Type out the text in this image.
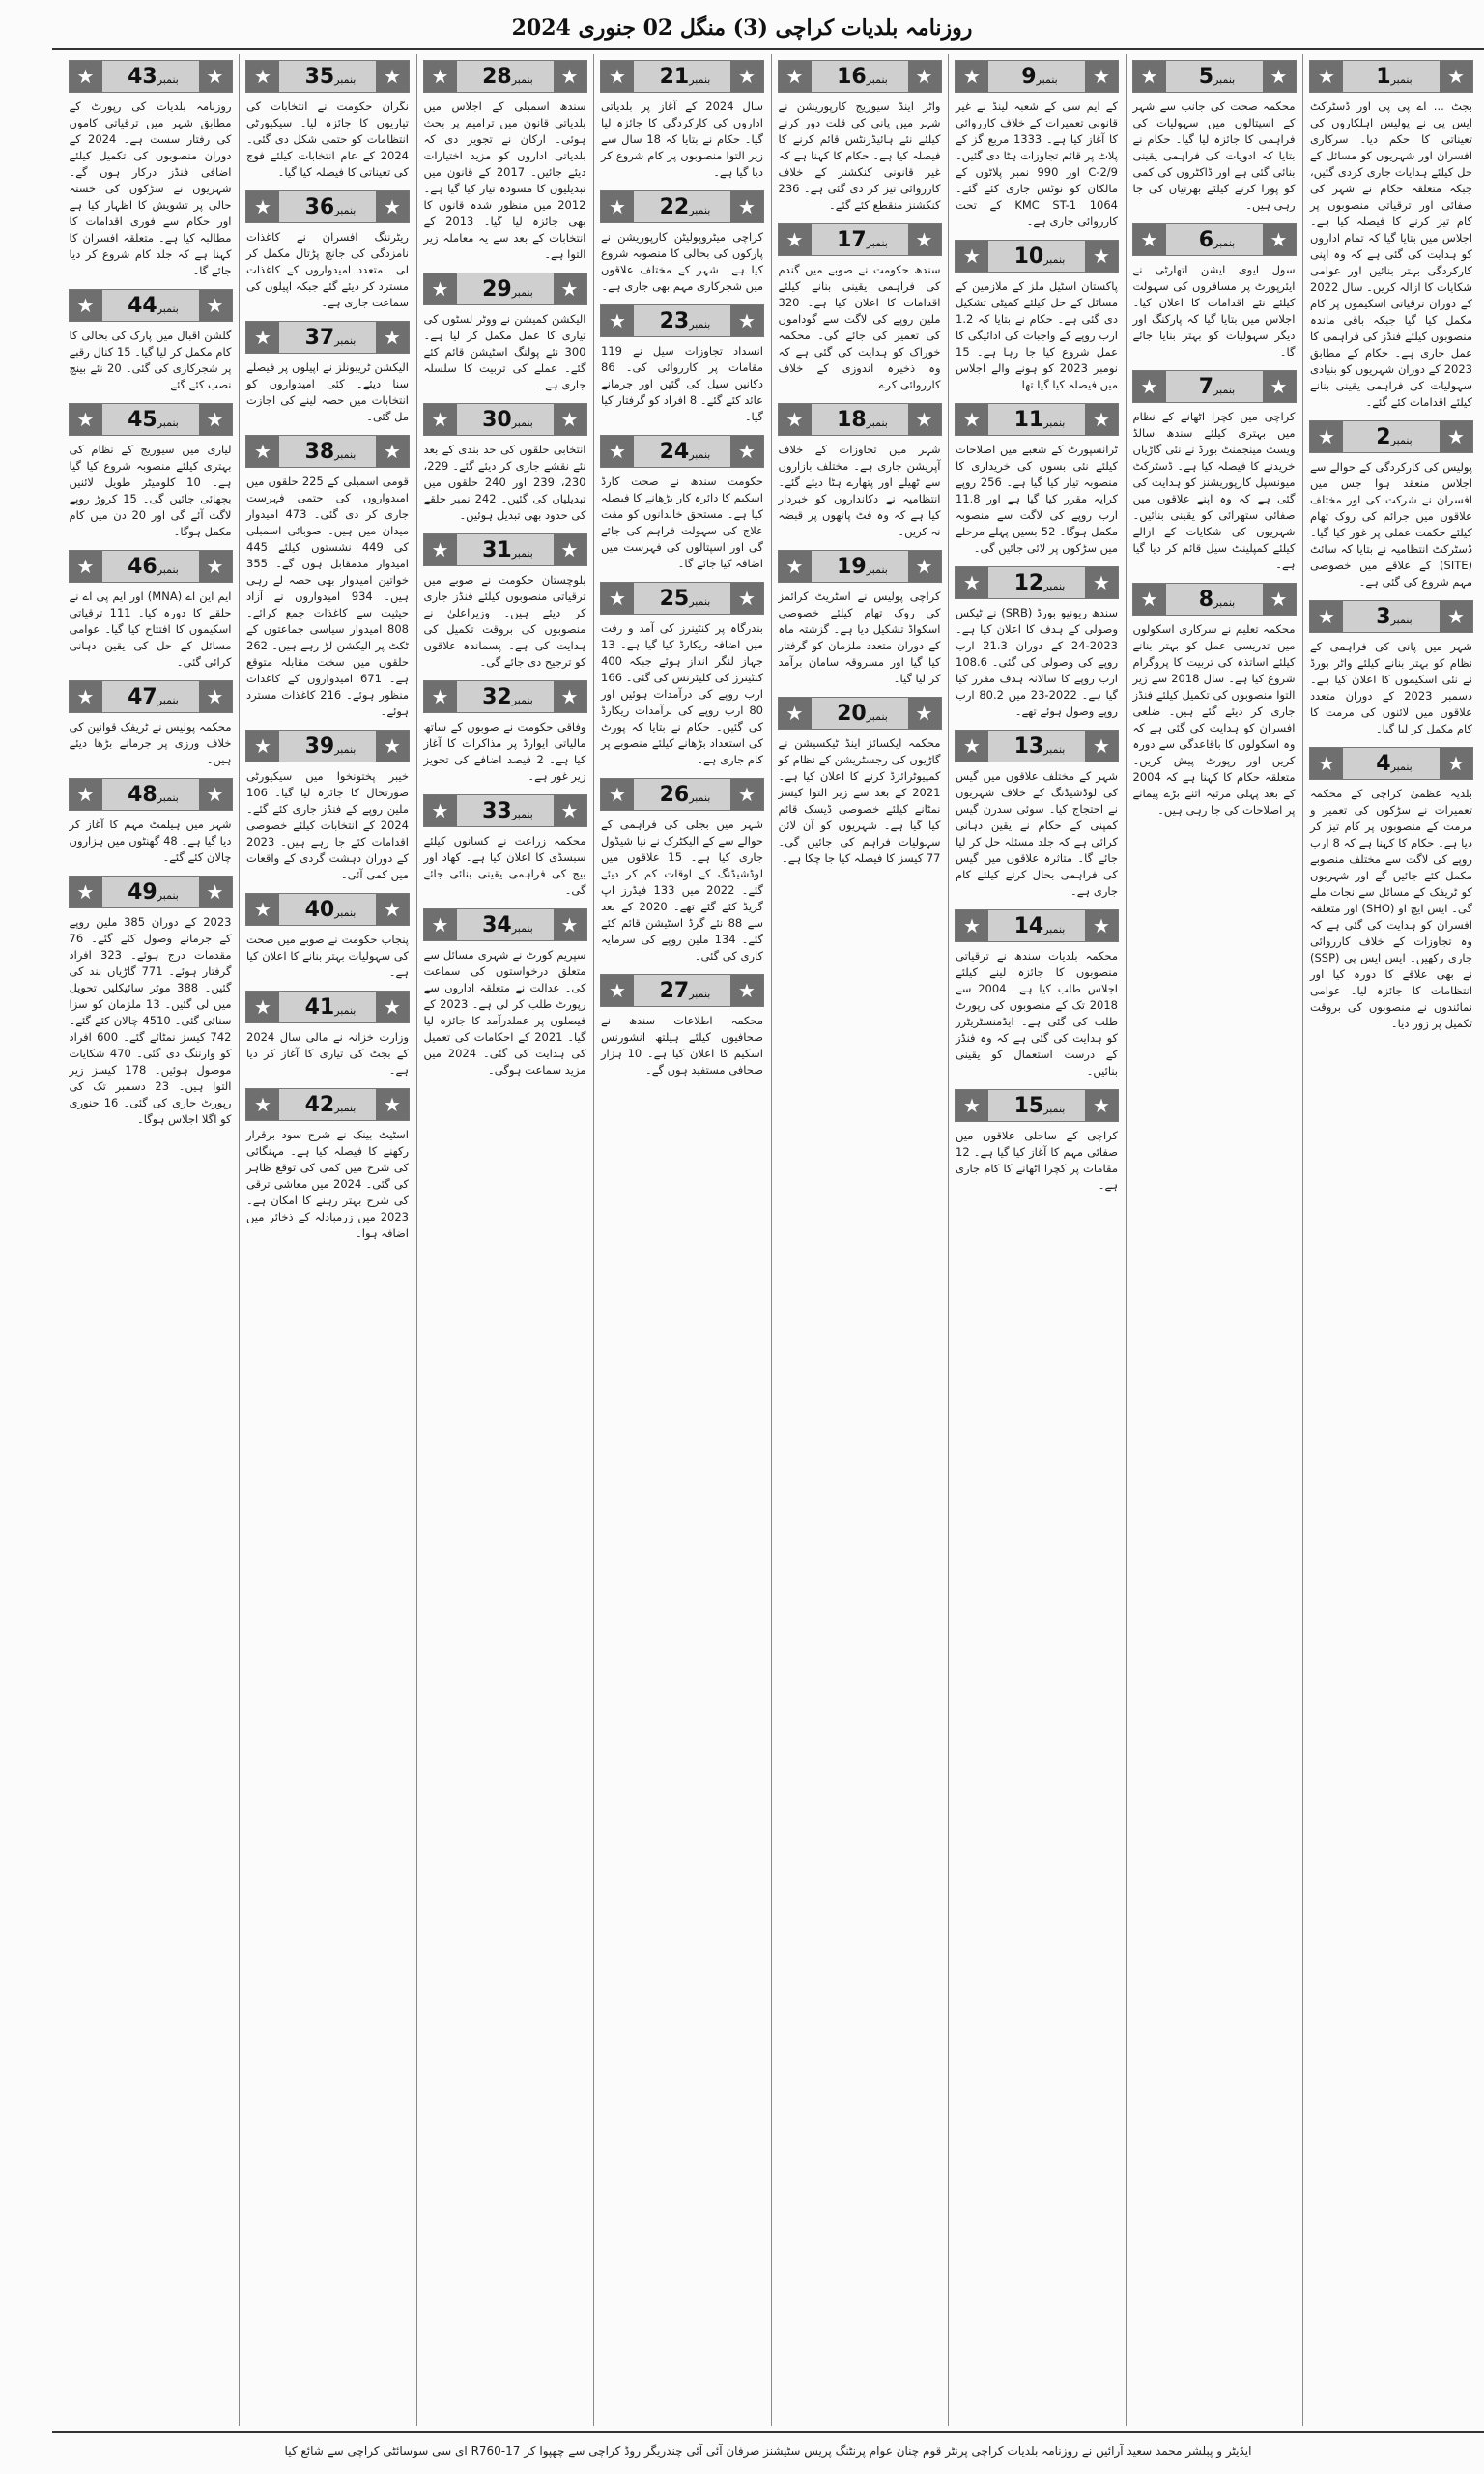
روزنامہ بلدیات کراچی (3) منگل 02 جنوری 2024
★	بنمبر1	★
بجٹ ... اے پی پی اور ڈسٹرکٹ ایس پی نے پولیس اہلکاروں کی تعیناتی کا حکم دیا۔ سرکاری افسران اور شہریوں کو مسائل کے حل کیلئے ہدایات جاری کردی گئیں، جبکہ متعلقہ حکام نے شہر کی صفائی اور ترقیاتی منصوبوں پر کام تیز کرنے کا فیصلہ کیا ہے۔ اجلاس میں بتایا گیا کہ تمام اداروں کو ہدایت کی گئی ہے کہ وہ اپنی کارکردگی بہتر بنائیں اور عوامی شکایات کا ازالہ کریں۔ سال 2022 کے دوران ترقیاتی اسکیموں پر کام مکمل کیا گیا جبکہ باقی ماندہ منصوبوں کیلئے فنڈز کی فراہمی کا عمل جاری ہے۔ حکام کے مطابق 2023 کے دوران شہریوں کو بنیادی سہولیات کی فراہمی یقینی بنانے کیلئے اقدامات کئے گئے۔
★	بنمبر2	★
پولیس کی کارکردگی کے حوالے سے اجلاس منعقد ہوا جس میں افسران نے شرکت کی اور مختلف علاقوں میں جرائم کی روک تھام کیلئے حکمت عملی پر غور کیا گیا۔ ڈسٹرکٹ انتظامیہ نے بتایا کہ سائٹ (SITE) کے علاقے میں خصوصی مہم شروع کی گئی ہے۔
★	بنمبر3	★
شہر میں پانی کی فراہمی کے نظام کو بہتر بنانے کیلئے واٹر بورڈ نے نئی اسکیموں کا اعلان کیا ہے۔ دسمبر 2023 کے دوران متعدد علاقوں میں لائنوں کی مرمت کا کام مکمل کر لیا گیا۔
★	بنمبر4	★
بلدیہ عظمیٰ کراچی کے محکمہ تعمیرات نے سڑکوں کی تعمیر و مرمت کے منصوبوں پر کام تیز کر دیا ہے۔ حکام کا کہنا ہے کہ 8 ارب روپے کی لاگت سے مختلف منصوبے مکمل کئے جائیں گے اور شہریوں کو ٹریفک کے مسائل سے نجات ملے گی۔ ایس ایچ او (SHO) اور متعلقہ افسران کو ہدایت کی گئی ہے کہ وہ تجاوزات کے خلاف کارروائی جاری رکھیں۔ ایس ایس پی (SSP) نے بھی علاقے کا دورہ کیا اور انتظامات کا جائزہ لیا۔ عوامی نمائندوں نے منصوبوں کی بروقت تکمیل پر زور دیا۔
★	بنمبر5	★
محکمہ صحت کی جانب سے شہر کے اسپتالوں میں سہولیات کی فراہمی کا جائزہ لیا گیا۔ حکام نے بتایا کہ ادویات کی فراہمی یقینی بنائی گئی ہے اور ڈاکٹروں کی کمی کو پورا کرنے کیلئے بھرتیاں کی جا رہی ہیں۔
★	بنمبر6	★
سول ایوی ایشن اتھارٹی نے ایئرپورٹ پر مسافروں کی سہولت کیلئے نئے اقدامات کا اعلان کیا۔ اجلاس میں بتایا گیا کہ پارکنگ اور دیگر سہولیات کو بہتر بنایا جائے گا۔
★	بنمبر7	★
کراچی میں کچرا اٹھانے کے نظام میں بہتری کیلئے سندھ سالڈ ویسٹ مینجمنٹ بورڈ نے نئی گاڑیاں خریدنے کا فیصلہ کیا ہے۔ ڈسٹرکٹ میونسپل کارپوریشنز کو ہدایت کی گئی ہے کہ وہ اپنے علاقوں میں صفائی ستھرائی کو یقینی بنائیں۔ شہریوں کی شکایات کے ازالے کیلئے کمپلینٹ سیل قائم کر دیا گیا ہے۔
★	بنمبر8	★
محکمہ تعلیم نے سرکاری اسکولوں میں تدریسی عمل کو بہتر بنانے کیلئے اساتذہ کی تربیت کا پروگرام شروع کیا ہے۔ سال 2018 سے زیر التوا منصوبوں کی تکمیل کیلئے فنڈز جاری کر دیئے گئے ہیں۔ ضلعی افسران کو ہدایت کی گئی ہے کہ وہ اسکولوں کا باقاعدگی سے دورہ کریں اور رپورٹ پیش کریں۔ متعلقہ حکام کا کہنا ہے کہ 2004 کے بعد پہلی مرتبہ اتنے بڑے پیمانے پر اصلاحات کی جا رہی ہیں۔
★	بنمبر9	★
کے ایم سی کے شعبہ لینڈ نے غیر قانونی تعمیرات کے خلاف کارروائی کا آغاز کیا ہے۔ 1333 مربع گز کے پلاٹ پر قائم تجاوزات ہٹا دی گئیں۔ C-2/9 اور 990 نمبر پلاٹوں کے مالکان کو نوٹس جاری کئے گئے۔ 1064 KMC ST-1 کے تحت کارروائی جاری ہے۔
★	بنمبر10	★
پاکستان اسٹیل ملز کے ملازمین کے مسائل کے حل کیلئے کمیٹی تشکیل دی گئی ہے۔ حکام نے بتایا کہ 1.2 ارب روپے کے واجبات کی ادائیگی کا عمل شروع کیا جا رہا ہے۔ 15 نومبر 2023 کو ہونے والے اجلاس میں فیصلہ کیا گیا تھا۔
★	بنمبر11	★
ٹرانسپورٹ کے شعبے میں اصلاحات کیلئے نئی بسوں کی خریداری کا منصوبہ تیار کیا گیا ہے۔ 256 روپے کرایہ مقرر کیا گیا ہے اور 11.8 ارب روپے کی لاگت سے منصوبہ مکمل ہوگا۔ 52 بسیں پہلے مرحلے میں سڑکوں پر لائی جائیں گی۔
★	بنمبر12	★
سندھ ریونیو بورڈ (SRB) نے ٹیکس وصولی کے ہدف کا اعلان کیا ہے۔ 2023-24 کے دوران 21.3 ارب روپے کی وصولی کی گئی۔ 108.6 ارب روپے کا سالانہ ہدف مقرر کیا گیا ہے۔ 2022-23 میں 80.2 ارب روپے وصول ہوئے تھے۔
★	بنمبر13	★
شہر کے مختلف علاقوں میں گیس کی لوڈشیڈنگ کے خلاف شہریوں نے احتجاج کیا۔ سوئی سدرن گیس کمپنی کے حکام نے یقین دہانی کرائی ہے کہ جلد مسئلہ حل کر لیا جائے گا۔ متاثرہ علاقوں میں گیس کی فراہمی بحال کرنے کیلئے کام جاری ہے۔
★	بنمبر14	★
محکمہ بلدیات سندھ نے ترقیاتی منصوبوں کا جائزہ لینے کیلئے اجلاس طلب کیا ہے۔ 2004 سے 2018 تک کے منصوبوں کی رپورٹ طلب کی گئی ہے۔ ایڈمنسٹریٹرز کو ہدایت کی گئی ہے کہ وہ فنڈز کے درست استعمال کو یقینی بنائیں۔
★	بنمبر15	★
کراچی کے ساحلی علاقوں میں صفائی مہم کا آغاز کیا گیا ہے۔ 12 مقامات پر کچرا اٹھانے کا کام جاری ہے۔
★	بنمبر16	★
واٹر اینڈ سیوریج کارپوریشن نے شہر میں پانی کی قلت دور کرنے کیلئے نئے ہائیڈرنٹس قائم کرنے کا فیصلہ کیا ہے۔ حکام کا کہنا ہے کہ غیر قانونی کنکشنز کے خلاف کارروائی تیز کر دی گئی ہے۔ 236 کنکشنز منقطع کئے گئے۔
★	بنمبر17	★
سندھ حکومت نے صوبے میں گندم کی فراہمی یقینی بنانے کیلئے اقدامات کا اعلان کیا ہے۔ 320 ملین روپے کی لاگت سے گوداموں کی تعمیر کی جائے گی۔ محکمہ خوراک کو ہدایت کی گئی ہے کہ وہ ذخیرہ اندوزی کے خلاف کارروائی کرے۔
★	بنمبر18	★
شہر میں تجاوزات کے خلاف آپریشن جاری ہے۔ مختلف بازاروں سے ٹھیلے اور پتھارے ہٹا دیئے گئے۔ انتظامیہ نے دکانداروں کو خبردار کیا ہے کہ وہ فٹ پاتھوں پر قبضہ نہ کریں۔
★	بنمبر19	★
کراچی پولیس نے اسٹریٹ کرائمز کی روک تھام کیلئے خصوصی اسکواڈ تشکیل دیا ہے۔ گزشتہ ماہ کے دوران متعدد ملزمان کو گرفتار کیا گیا اور مسروقہ سامان برآمد کر لیا گیا۔
★	بنمبر20	★
محکمہ ایکسائز اینڈ ٹیکسیشن نے گاڑیوں کی رجسٹریشن کے نظام کو کمپیوٹرائزڈ کرنے کا اعلان کیا ہے۔ 2021 کے بعد سے زیر التوا کیسز نمٹانے کیلئے خصوصی ڈیسک قائم کیا گیا ہے۔ شہریوں کو آن لائن سہولیات فراہم کی جائیں گی۔ 77 کیسز کا فیصلہ کیا جا چکا ہے۔
★	بنمبر21	★
سال 2024 کے آغاز پر بلدیاتی اداروں کی کارکردگی کا جائزہ لیا گیا۔ حکام نے بتایا کہ 18 سال سے زیر التوا منصوبوں پر کام شروع کر دیا گیا ہے۔
★	بنمبر22	★
کراچی میٹروپولیٹن کارپوریشن نے پارکوں کی بحالی کا منصوبہ شروع کیا ہے۔ شہر کے مختلف علاقوں میں شجرکاری مہم بھی جاری ہے۔
★	بنمبر23	★
انسداد تجاوزات سیل نے 119 مقامات پر کارروائی کی۔ 86 دکانیں سیل کی گئیں اور جرمانے عائد کئے گئے۔ 8 افراد کو گرفتار کیا گیا۔
★	بنمبر24	★
حکومت سندھ نے صحت کارڈ اسکیم کا دائرہ کار بڑھانے کا فیصلہ کیا ہے۔ مستحق خاندانوں کو مفت علاج کی سہولت فراہم کی جائے گی اور اسپتالوں کی فہرست میں اضافہ کیا جائے گا۔
★	بنمبر25	★
بندرگاہ پر کنٹینرز کی آمد و رفت میں اضافہ ریکارڈ کیا گیا ہے۔ 13 جہاز لنگر انداز ہوئے جبکہ 400 کنٹینرز کی کلیئرنس کی گئی۔ 166 ارب روپے کی درآمدات ہوئیں اور 80 ارب روپے کی برآمدات ریکارڈ کی گئیں۔ حکام نے بتایا کہ پورٹ کی استعداد بڑھانے کیلئے منصوبے پر کام جاری ہے۔
★	بنمبر26	★
شہر میں بجلی کی فراہمی کے حوالے سے کے الیکٹرک نے نیا شیڈول جاری کیا ہے۔ 15 علاقوں میں لوڈشیڈنگ کے اوقات کم کر دیئے گئے۔ 2022 میں 133 فیڈرز اپ گریڈ کئے گئے تھے۔ 2020 کے بعد سے 88 نئے گرڈ اسٹیشن قائم کئے گئے۔ 134 ملین روپے کی سرمایہ کاری کی گئی۔
★	بنمبر27	★
محکمہ اطلاعات سندھ نے صحافیوں کیلئے ہیلتھ انشورنس اسکیم کا اعلان کیا ہے۔ 10 ہزار صحافی مستفید ہوں گے۔
★	بنمبر28	★
سندھ اسمبلی کے اجلاس میں بلدیاتی قانون میں ترامیم پر بحث ہوئی۔ ارکان نے تجویز دی کہ بلدیاتی اداروں کو مزید اختیارات دیئے جائیں۔ 2017 کے قانون میں تبدیلیوں کا مسودہ تیار کیا گیا ہے۔ 2012 میں منظور شدہ قانون کا بھی جائزہ لیا گیا۔ 2013 کے انتخابات کے بعد سے یہ معاملہ زیر التوا ہے۔
★	بنمبر29	★
الیکشن کمیشن نے ووٹر لسٹوں کی تیاری کا عمل مکمل کر لیا ہے۔ 300 نئے پولنگ اسٹیشن قائم کئے گئے۔ عملے کی تربیت کا سلسلہ جاری ہے۔
★	بنمبر30	★
انتخابی حلقوں کی حد بندی کے بعد نئے نقشے جاری کر دیئے گئے۔ 229، 230، 239 اور 240 حلقوں میں تبدیلیاں کی گئیں۔ 242 نمبر حلقے کی حدود بھی تبدیل ہوئیں۔
★	بنمبر31	★
بلوچستان حکومت نے صوبے میں ترقیاتی منصوبوں کیلئے فنڈز جاری کر دیئے ہیں۔ وزیراعلیٰ نے منصوبوں کی بروقت تکمیل کی ہدایت کی ہے۔ پسماندہ علاقوں کو ترجیح دی جائے گی۔
★	بنمبر32	★
وفاقی حکومت نے صوبوں کے ساتھ مالیاتی ایوارڈ پر مذاکرات کا آغاز کیا ہے۔ 2 فیصد اضافے کی تجویز زیر غور ہے۔
★	بنمبر33	★
محکمہ زراعت نے کسانوں کیلئے سبسڈی کا اعلان کیا ہے۔ کھاد اور بیج کی فراہمی یقینی بنائی جائے گی۔
★	بنمبر34	★
سپریم کورٹ نے شہری مسائل سے متعلق درخواستوں کی سماعت کی۔ عدالت نے متعلقہ اداروں سے رپورٹ طلب کر لی ہے۔ 2023 کے فیصلوں پر عملدرآمد کا جائزہ لیا گیا۔ 2021 کے احکامات کی تعمیل کی ہدایت کی گئی۔ 2024 میں مزید سماعت ہوگی۔
★	بنمبر35	★
نگران حکومت نے انتخابات کی تیاریوں کا جائزہ لیا۔ سیکیورٹی انتظامات کو حتمی شکل دی گئی۔ 2024 کے عام انتخابات کیلئے فوج کی تعیناتی کا فیصلہ کیا گیا۔
★	بنمبر36	★
ریٹرننگ افسران نے کاغذات نامزدگی کی جانچ پڑتال مکمل کر لی۔ متعدد امیدواروں کے کاغذات مسترد کر دیئے گئے جبکہ اپیلوں کی سماعت جاری ہے۔
★	بنمبر37	★
الیکشن ٹریبونلز نے اپیلوں پر فیصلے سنا دیئے۔ کئی امیدواروں کو انتخابات میں حصہ لینے کی اجازت مل گئی۔
★	بنمبر38	★
قومی اسمبلی کے 225 حلقوں میں امیدواروں کی حتمی فہرست جاری کر دی گئی۔ 473 امیدوار میدان میں ہیں۔ صوبائی اسمبلی کی 449 نشستوں کیلئے 445 امیدوار مدمقابل ہوں گے۔ 355 خواتین امیدوار بھی حصہ لے رہی ہیں۔ 934 امیدواروں نے آزاد حیثیت سے کاغذات جمع کرائے۔ 808 امیدوار سیاسی جماعتوں کے ٹکٹ پر الیکشن لڑ رہے ہیں۔ 262 حلقوں میں سخت مقابلہ متوقع ہے۔ 671 امیدواروں کے کاغذات منظور ہوئے۔ 216 کاغذات مسترد ہوئے۔
★	بنمبر39	★
خیبر پختونخوا میں سیکیورٹی صورتحال کا جائزہ لیا گیا۔ 106 ملین روپے کے فنڈز جاری کئے گئے۔ 2024 کے انتخابات کیلئے خصوصی اقدامات کئے جا رہے ہیں۔ 2023 کے دوران دہشت گردی کے واقعات میں کمی آئی۔
★	بنمبر40	★
پنجاب حکومت نے صوبے میں صحت کی سہولیات بہتر بنانے کا اعلان کیا ہے۔
★	بنمبر41	★
وزارت خزانہ نے مالی سال 2024 کے بجٹ کی تیاری کا آغاز کر دیا ہے۔
★	بنمبر42	★
اسٹیٹ بینک نے شرح سود برقرار رکھنے کا فیصلہ کیا ہے۔ مہنگائی کی شرح میں کمی کی توقع ظاہر کی گئی۔ 2024 میں معاشی ترقی کی شرح بہتر رہنے کا امکان ہے۔ 2023 میں زرمبادلہ کے ذخائر میں اضافہ ہوا۔
★	بنمبر43	★
روزنامہ بلدیات کی رپورٹ کے مطابق شہر میں ترقیاتی کاموں کی رفتار سست ہے۔ 2024 کے دوران منصوبوں کی تکمیل کیلئے اضافی فنڈز درکار ہوں گے۔ شہریوں نے سڑکوں کی خستہ حالی پر تشویش کا اظہار کیا ہے اور حکام سے فوری اقدامات کا مطالبہ کیا ہے۔ متعلقہ افسران کا کہنا ہے کہ جلد کام شروع کر دیا جائے گا۔
★	بنمبر44	★
گلشن اقبال میں پارک کی بحالی کا کام مکمل کر لیا گیا۔ 15 کنال رقبے پر شجرکاری کی گئی۔ 20 نئے بینچ نصب کئے گئے۔
★	بنمبر45	★
لیاری میں سیوریج کے نظام کی بہتری کیلئے منصوبہ شروع کیا گیا ہے۔ 10 کلومیٹر طویل لائنیں بچھائی جائیں گی۔ 15 کروڑ روپے لاگت آئے گی اور 20 دن میں کام مکمل ہوگا۔
★	بنمبر46	★
ایم این اے (MNA) اور ایم پی اے نے حلقے کا دورہ کیا۔ 111 ترقیاتی اسکیموں کا افتتاح کیا گیا۔ عوامی مسائل کے حل کی یقین دہانی کرائی گئی۔
★	بنمبر47	★
محکمہ پولیس نے ٹریفک قوانین کی خلاف ورزی پر جرمانے بڑھا دیئے ہیں۔
★	بنمبر48	★
شہر میں ہیلمٹ مہم کا آغاز کر دیا گیا ہے۔ 48 گھنٹوں میں ہزاروں چالان کئے گئے۔
★	بنمبر49	★
2023 کے دوران 385 ملین روپے کے جرمانے وصول کئے گئے۔ 76 مقدمات درج ہوئے۔ 323 افراد گرفتار ہوئے۔ 771 گاڑیاں بند کی گئیں۔ 388 موٹر سائیکلیں تحویل میں لی گئیں۔ 13 ملزمان کو سزا سنائی گئی۔ 4510 چالان کئے گئے۔ 742 کیسز نمٹائے گئے۔ 600 افراد کو وارننگ دی گئی۔ 470 شکایات موصول ہوئیں۔ 178 کیسز زیر التوا ہیں۔ 23 دسمبر تک کی رپورٹ جاری کی گئی۔ 16 جنوری کو اگلا اجلاس ہوگا۔
ایڈیٹر و پبلشر محمد سعید آرائیں نے روزنامہ بلدیات کراچی پرنٹر قوم چنان عوام پرنٹنگ پریس سٹیشنز صرفان آئی آئی چندریگر روڈ کراچی سے چھپوا کر R760-17 ای سی سوسائٹی کراچی سے شائع کیا
